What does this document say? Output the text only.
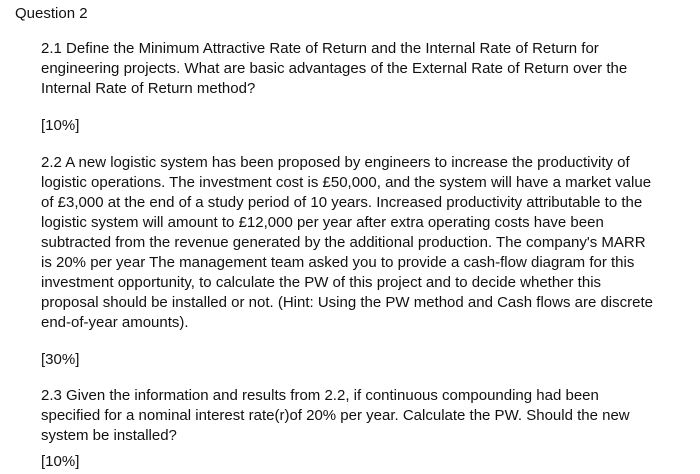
Question 2
2.1 Define the Minimum Attractive Rate of Return and the Internal Rate of Return for
engineering projects. What are basic advantages of the External Rate of Return over the
Internal Rate of Return method?
[10%]
2.2 A new logistic system has been proposed by engineers to increase the productivity of
logistic operations. The investment cost is £50,000, and the system will have a market value
of £3,000 at the end of a study period of 10 years. Increased productivity attributable to the
logistic system will amount to £12,000 per year after extra operating costs have been
subtracted from the revenue generated by the additional production. The company's MARR
is 20% per year The management team asked you to provide a cash-flow diagram for this
investment opportunity, to calculate the PW of this project and to decide whether this
proposal should be installed or not. (Hint: Using the PW method and Cash flows are discrete
end-of-year amounts).
[30%]
2.3 Given the information and results from 2.2, if continuous compounding had been
specified for a nominal interest rate(r)of 20% per year. Calculate the PW. Should the new
system be installed?
[10%]
